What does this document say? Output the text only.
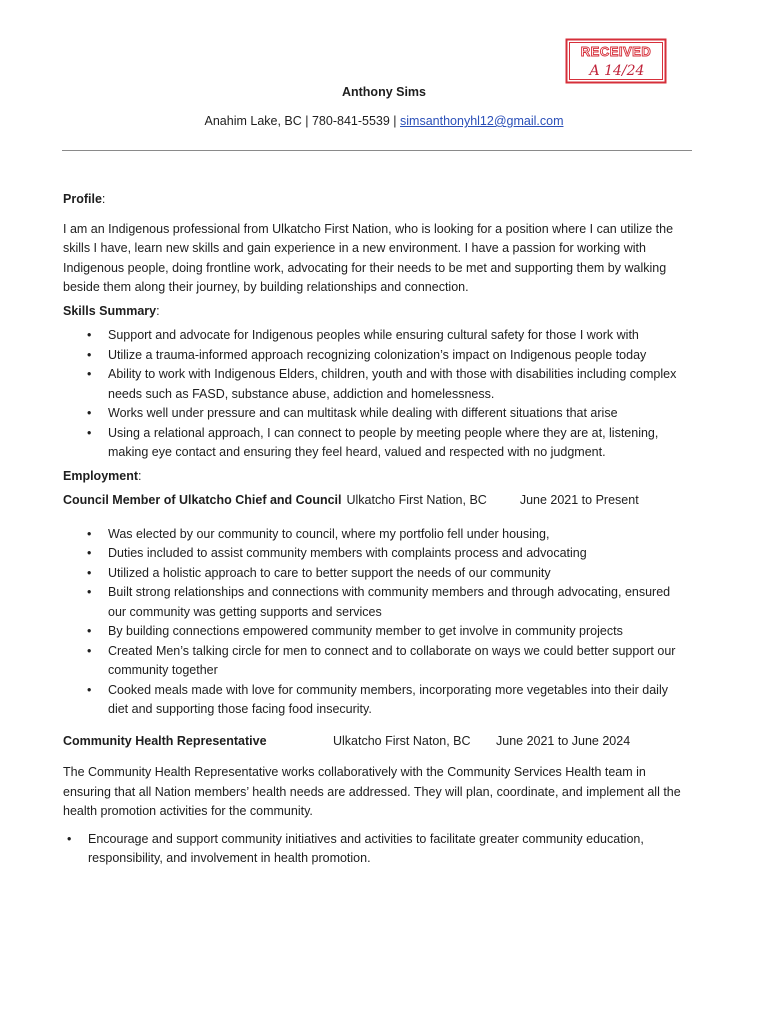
RECEIVED
A 14/24
Anthony Sims
Anahim Lake, BC | 780-841-5539 | simsanthonyhl12@gmail.com

Profile:

I am an Indigenous professional from Ulkatcho First Nation, who is looking for a position where I can utilize the
skills I have, learn new skills and gain experience in a new environment. I have a passion for working with
Indigenous people, doing frontline work, advocating for their needs to be met and supporting them by walking
beside them along their journey, by building relationships and connection.

Skills Summary:

• Support and advocate for Indigenous peoples while ensuring cultural safety for those I work with
• Utilize a trauma-informed approach recognizing colonization’s impact on Indigenous people today
• Ability to work with Indigenous Elders, children, youth and with those with disabilities including complex
needs such as FASD, substance abuse, addiction and homelessness.
• Works well under pressure and can multitask while dealing with different situations that arise
• Using a relational approach, I can connect to people by meeting people where they are at, listening,
making eye contact and ensuring they feel heard, valued and respected with no judgment.

Employment:

Council Member of Ulkatcho Chief and Council Ulkatcho First Nation, BC	June 2021 to Present
• Was elected by our community to council, where my portfolio fell under housing,
• Duties included to assist community members with complaints process and advocating
• Utilized a holistic approach to care to better support the needs of our community
• Built strong relationships and connections with community members and through advocating, ensured
our community was getting supports and services
• By building connections empowered community member to get involve in community projects
• Created Men’s talking circle for men to connect and to collaborate on ways we could better support our
community together
• Cooked meals made with love for community members, incorporating more vegetables into their daily
diet and supporting those facing food insecurity.
Community Health Representative	Ulkatcho First Naton, BC	June 2021 to June 2024
The Community Health Representative works collaboratively with the Community Services Health team in
ensuring that all Nation members’ health needs are addressed. They will plan, coordinate, and implement all the
health promotion activities for the community.
• Encourage and support community initiatives and activities to facilitate greater community education,
responsibility, and involvement in health promotion.
